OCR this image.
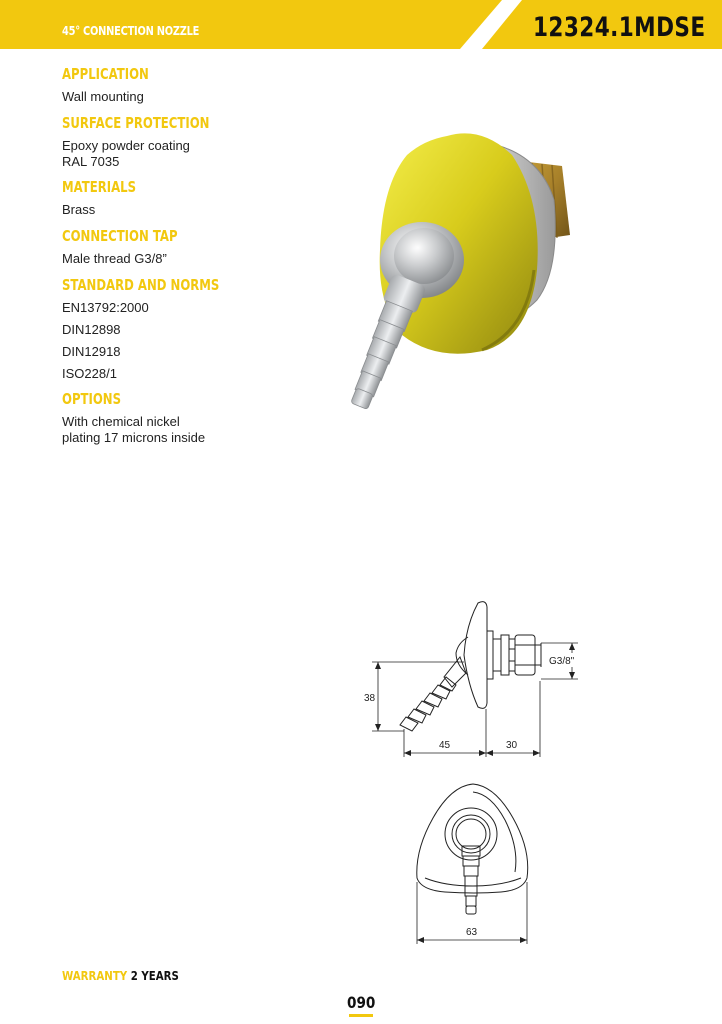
45° CONNECTION NOZZLE	12324.1MDSE
APPLICATION
Wall mounting
SURFACE PROTECTION
Epoxy powder coating
RAL 7035
MATERIALS
Brass
CONNECTION TAP
Male thread G3/8”
STANDARD AND NORMS
EN13792:2000
DIN12898
DIN12918
ISO228/1
OPTIONS
With chemical nickel
plating 17 microns inside
38
G3/8"
45	30
63
WARRANTY 2 YEARS
090
